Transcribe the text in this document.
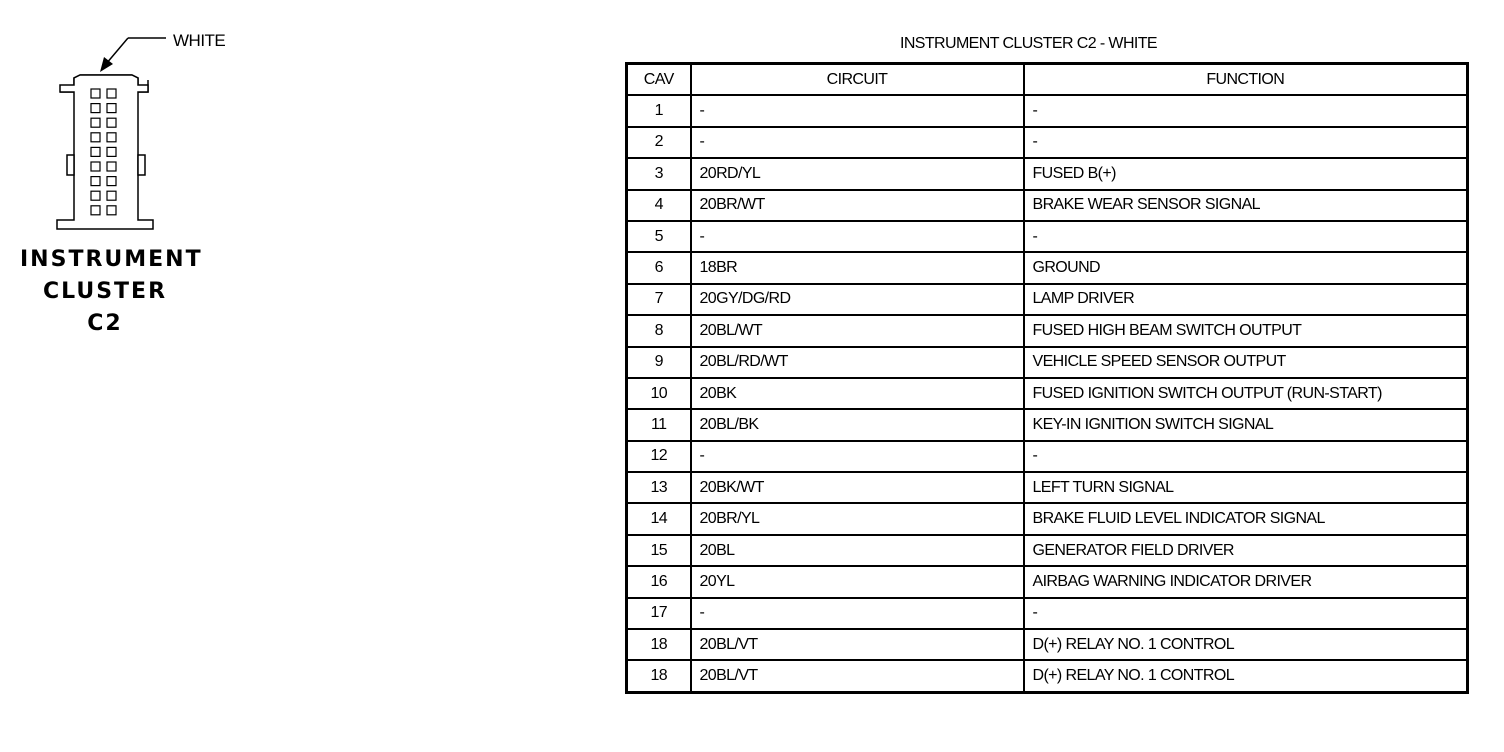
WHITE
INSTRUMENT
CLUSTER
C2
INSTRUMENT CLUSTER C2 - WHITE
CAV	CIRCUIT	FUNCTION
1	-	-
2	-	-
3	20RD/YL	FUSED B(+)
4	20BR/WT	BRAKE WEAR SENSOR SIGNAL
5	-	-
6	18BR	GROUND
7	20GY/DG/RD	LAMP DRIVER
8	20BL/WT	FUSED HIGH BEAM SWITCH OUTPUT
9	20BL/RD/WT	VEHICLE SPEED SENSOR OUTPUT
10	20BK	FUSED IGNITION SWITCH OUTPUT (RUN-START)
11	20BL/BK	KEY-IN IGNITION SWITCH SIGNAL
12	-	-
13	20BK/WT	LEFT TURN SIGNAL
14	20BR/YL	BRAKE FLUID LEVEL INDICATOR SIGNAL
15	20BL	GENERATOR FIELD DRIVER
16	20YL	AIRBAG WARNING INDICATOR DRIVER
17	-	-
18	20BL/VT	D(+) RELAY NO. 1 CONTROL
18	20BL/VT	D(+) RELAY NO. 1 CONTROL
